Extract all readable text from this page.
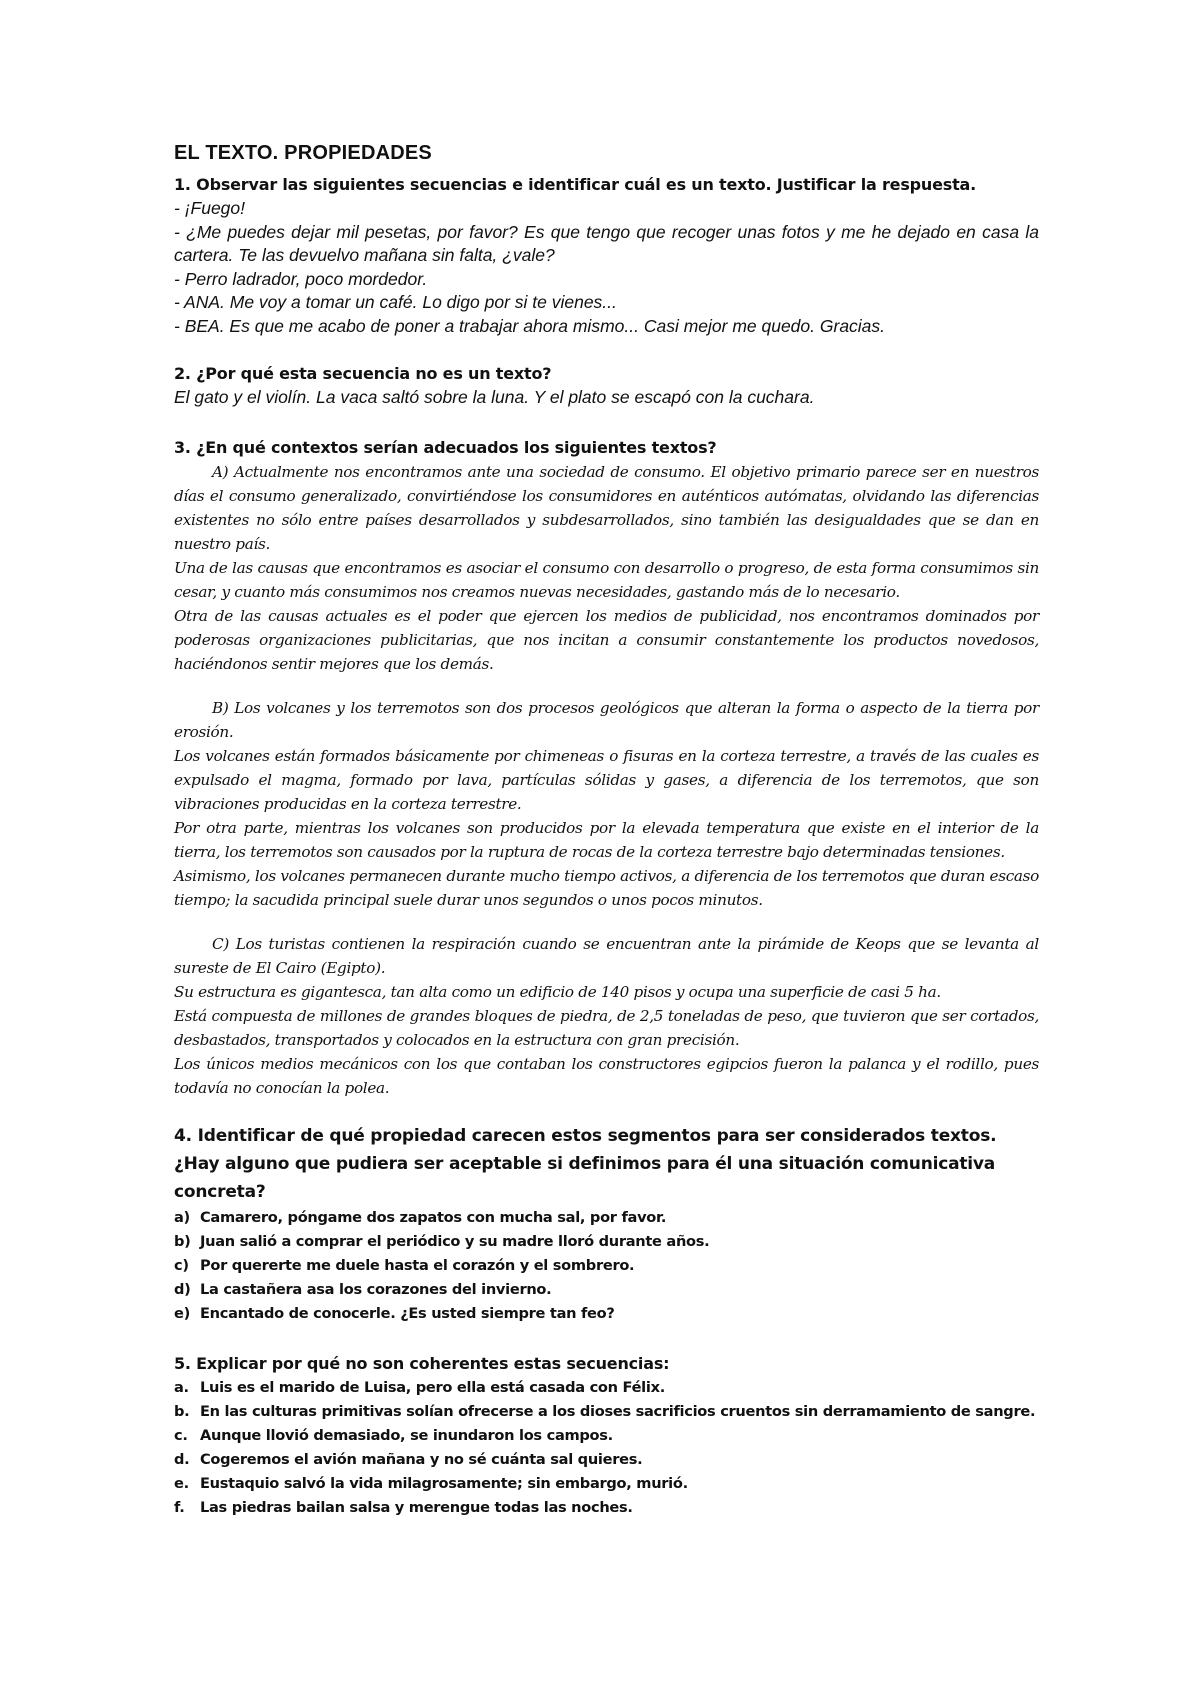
EL TEXTO. PROPIEDADES

1. Observar las siguientes secuencias e identificar cuál es un texto. Justificar la respuesta.

- ¡Fuego!

- ¿Me puedes dejar mil pesetas, por favor? Es que tengo que recoger unas fotos y me he dejado en casa la cartera. Te las devuelvo mañana sin falta, ¿vale?

- Perro ladrador, poco mordedor.

- ANA. Me voy a tomar un café. Lo digo por si te vienes...

- BEA. Es que me acabo de poner a trabajar ahora mismo... Casi mejor me quedo. Gracias.

2. ¿Por qué esta secuencia no es un texto?

El gato y el violín. La vaca saltó sobre la luna. Y el plato se escapó con la cuchara.

3. ¿En qué contextos serían adecuados los siguientes textos?

A) Actualmente nos encontramos ante una sociedad de consumo. El objetivo primario parece ser en nuestros días el consumo generalizado, convirtiéndose los consumidores en auténticos autómatas, olvidando las diferencias existentes no sólo entre países desarrollados y subdesarrollados, sino también las desigualdades que se dan en nuestro país.

Una de las causas que encontramos es asociar el consumo con desarrollo o progreso, de esta forma consumimos sin cesar, y cuanto más consumimos nos creamos nuevas necesidades, gastando más de lo necesario.

Otra de las causas actuales es el poder que ejercen los medios de publicidad, nos encontramos dominados por poderosas organizaciones publicitarias, que nos incitan a consumir constantemente los productos novedosos, haciéndonos sentir mejores que los demás.

B) Los volcanes y los terremotos son dos procesos geológicos que alteran la forma o aspecto de la tierra por erosión.

Los volcanes están formados básicamente por chimeneas o fisuras en la corteza terrestre, a través de las cuales es expulsado el magma, formado por lava, partículas sólidas y gases, a diferencia de los terremotos, que son vibraciones producidas en la corteza terrestre.

Por otra parte, mientras los volcanes son producidos por la elevada temperatura que existe en el interior de la tierra, los terremotos son causados por la ruptura de rocas de la corteza terrestre bajo determinadas tensiones.

Asimismo, los volcanes permanecen durante mucho tiempo activos, a diferencia de los terremotos que duran escaso tiempo; la sacudida principal suele durar unos segundos o unos pocos minutos.

C) Los turistas contienen la respiración cuando se encuentran ante la pirámide de Keops que se levanta al sureste de El Cairo (Egipto).

Su estructura es gigantesca, tan alta como un edificio de 140 pisos y ocupa una superficie de casi 5 ha.

Está compuesta de millones de grandes bloques de piedra, de 2,5 toneladas de peso, que tuvieron que ser cortados, desbastados, transportados y colocados en la estructura con gran precisión.

Los únicos medios mecánicos con los que contaban los constructores egipcios fueron la palanca y el rodillo, pues todavía no conocían la polea.

4. Identificar de qué propiedad carecen estos segmentos para ser considerados textos. ¿Hay alguno que pudiera ser aceptable si definimos para él una situación comunicativa concreta?

a) Camarero, póngame dos zapatos con mucha sal, por favor.

b) Juan salió a comprar el periódico y su madre lloró durante años.

c) Por quererte me duele hasta el corazón y el sombrero.

d) La castañera asa los corazones del invierno.

e) Encantado de conocerle. ¿Es usted siempre tan feo?

5. Explicar por qué no son coherentes estas secuencias:

a. Luis es el marido de Luisa, pero ella está casada con Félix.

b. En las culturas primitivas solían ofrecerse a los dioses sacrificios cruentos sin derramamiento de sangre.

c. Aunque llovió demasiado, se inundaron los campos.

d. Cogeremos el avión mañana y no sé cuánta sal quieres.

e. Eustaquio salvó la vida milagrosamente; sin embargo, murió.

f. Las piedras bailan salsa y merengue todas las noches.
